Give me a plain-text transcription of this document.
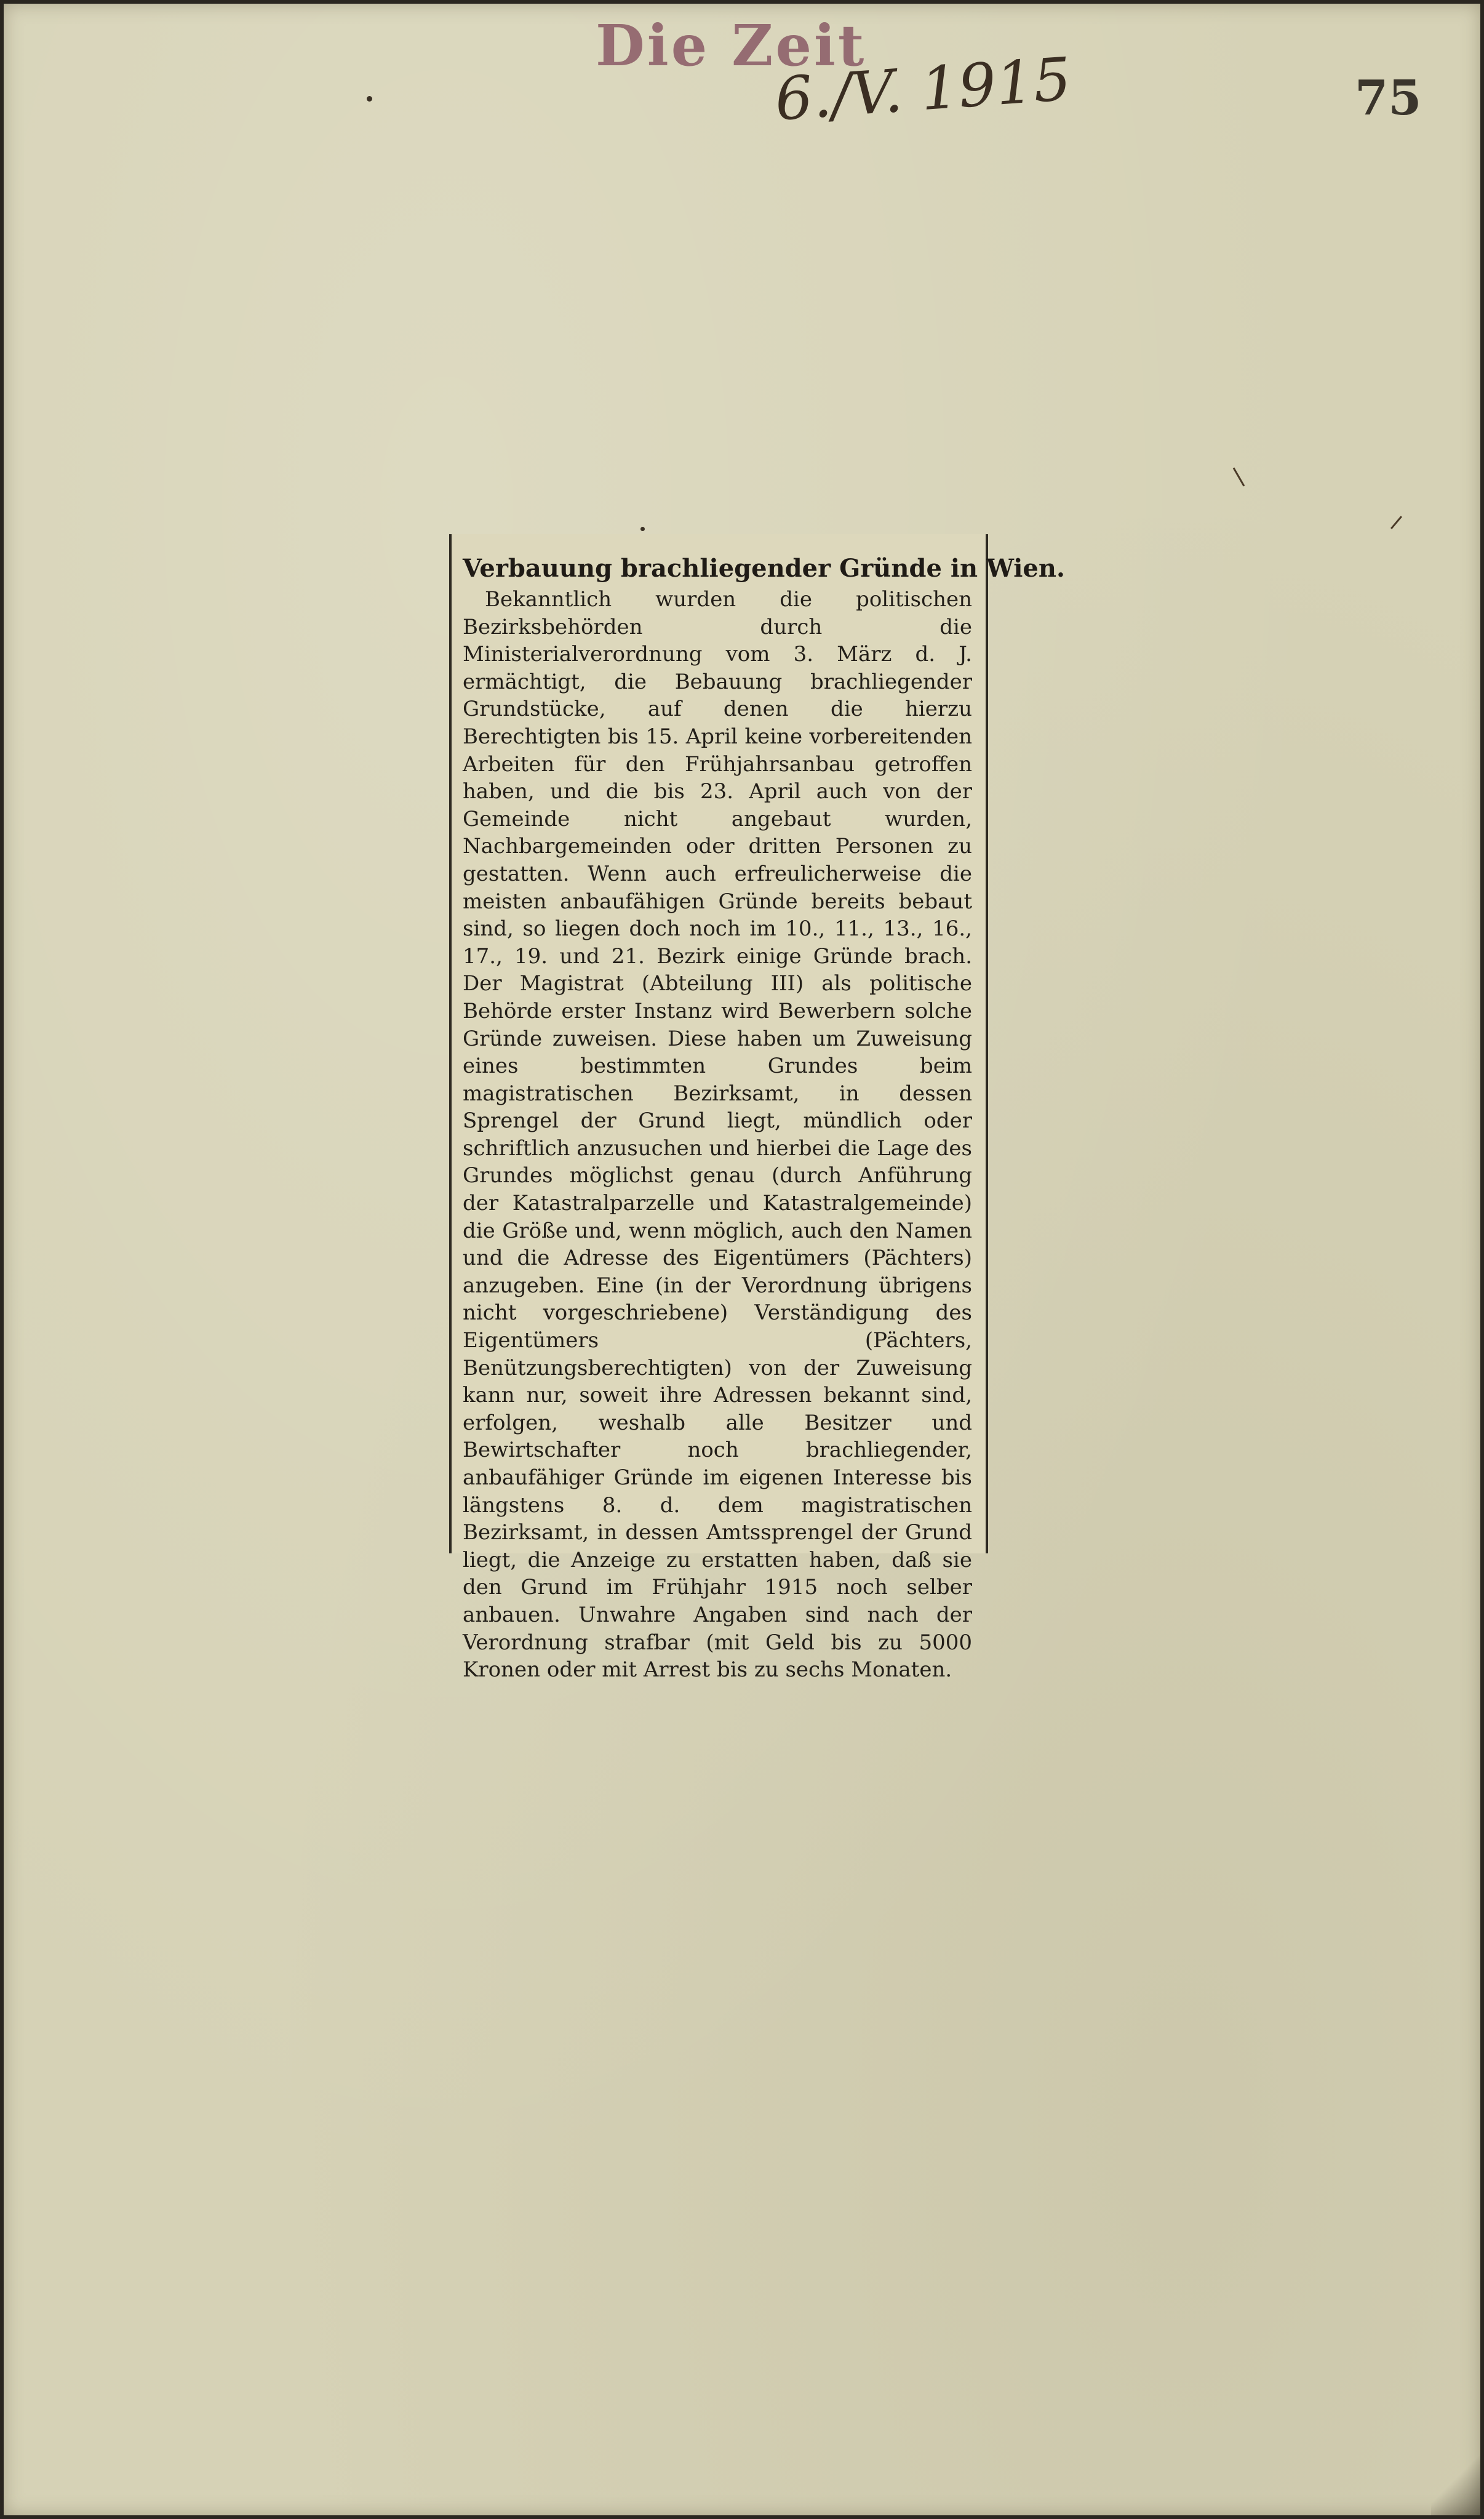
Die Zeit
6./V. 1915	75
Verbauung brachliegender Gründe in Wien.

Bekanntlich wurden die politischen Bezirksbehörden durch die Ministerialverordnung vom 3. März d. J. ermächtigt, die Bebauung brachliegender Grundstücke, auf denen die hierzu Berechtigten bis 15. April keine vorbereitenden Arbeiten für den Frühjahrsanbau getroffen haben, und die bis 23. April auch von der Gemeinde nicht angebaut wurden, Nachbargemeinden oder dritten Personen zu gestatten. Wenn auch erfreulicherweise die meisten anbaufähigen Gründe bereits bebaut sind, so liegen doch noch im 10., 11., 13., 16., 17., 19. und 21. Bezirk einige Gründe brach. Der Magistrat (Abteilung III) als politische Behörde erster Instanz wird Bewerbern solche Gründe zuweisen. Diese haben um Zuweisung eines bestimmten Grundes beim magistratischen Bezirksamt, in dessen Sprengel der Grund liegt, mündlich oder schriftlich anzusuchen und hierbei die Lage des Grundes möglichst genau (durch Anführung der Katastralparzelle und Katastralgemeinde) die Größe und, wenn möglich, auch den Namen und die Adresse des Eigentümers (Pächters) anzugeben. Eine (in der Verordnung übrigens nicht vorgeschriebene) Verständigung des Eigentümers (Pächters, Benützungsberechtigten) von der Zuweisung kann nur, soweit ihre Adressen bekannt sind, erfolgen, weshalb alle Besitzer und Bewirtschafter noch brachliegender, anbaufähiger Gründe im eigenen Interesse bis längstens 8. d. dem magistratischen Bezirksamt, in dessen Amtssprengel der Grund liegt, die Anzeige zu erstatten haben, daß sie den Grund im Frühjahr 1915 noch selber anbauen. Unwahre Angaben sind nach der Verordnung strafbar (mit Geld bis zu 5000 Kronen oder mit Arrest bis zu sechs Monaten.
